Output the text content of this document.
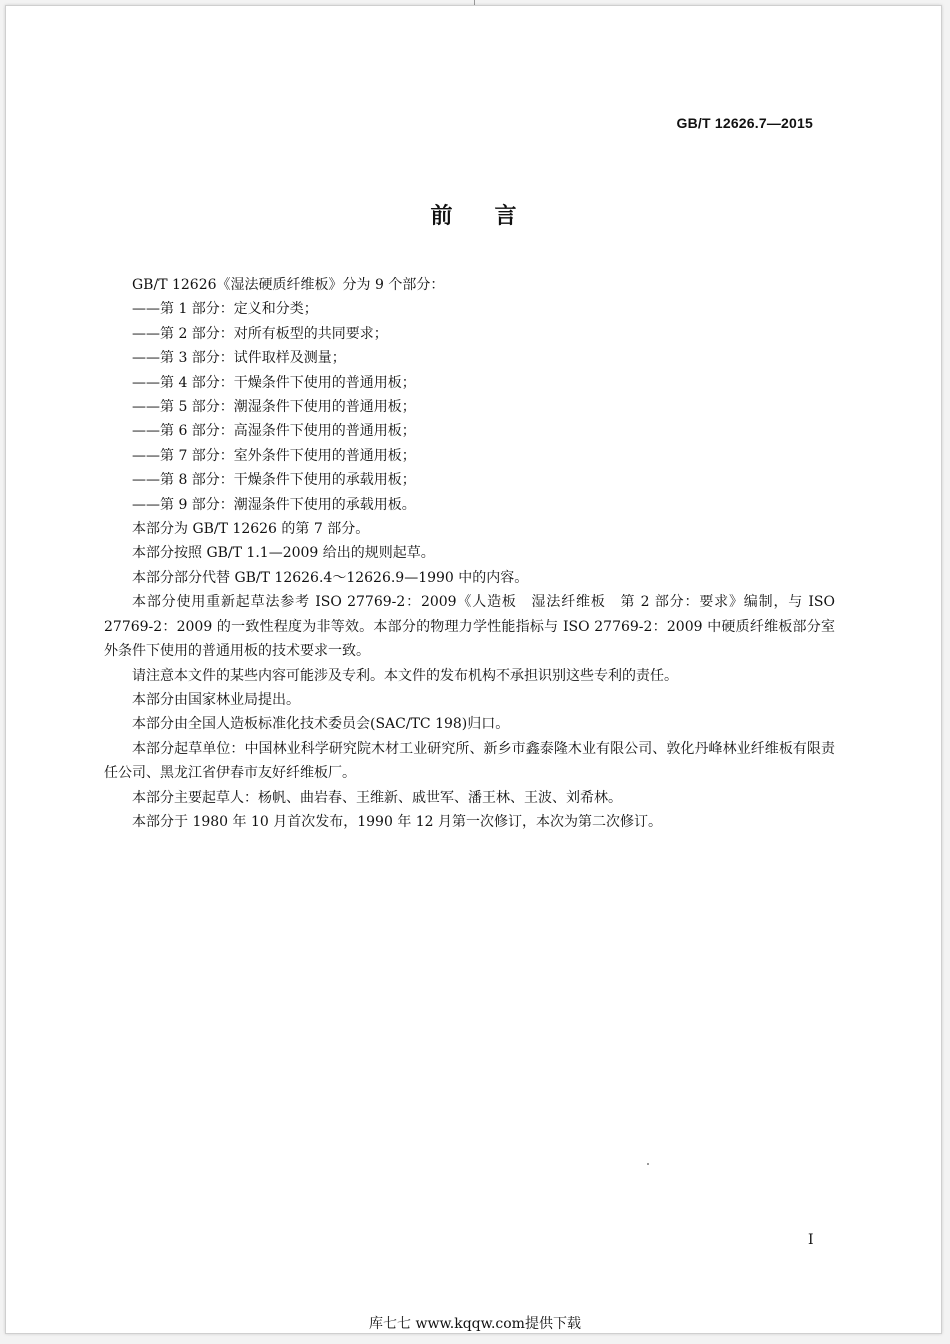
GB/T 12626.7—2015
前言

GB/T 12626《湿法硬质纤维板》分为 9 个部分：

——第 1 部分：定义和分类；

——第 2 部分：对所有板型的共同要求；

——第 3 部分：试件取样及测量；

——第 4 部分：干燥条件下使用的普通用板；

——第 5 部分：潮湿条件下使用的普通用板；

——第 6 部分：高湿条件下使用的普通用板；

——第 7 部分：室外条件下使用的普通用板；

——第 8 部分：干燥条件下使用的承载用板；

——第 9 部分：潮湿条件下使用的承载用板。

本部分为 GB/T 12626 的第 7 部分。

本部分按照 GB/T 1.1—2009 给出的规则起草。

本部分部分代替 GB/T 12626.4～12626.9—1990 中的内容。

本部分使用重新起草法参考 ISO 27769-2：2009《人造板　湿法纤维板　第 2 部分：要求》编制，与 ISO 27769-2：2009 的一致性程度为非等效。本部分的物理力学性能指标与 ISO 27769-2：2009 中硬质纤维板部分室外条件下使用的普通用板的技术要求一致。

请注意本文件的某些内容可能涉及专利。本文件的发布机构不承担识别这些专利的责任。

本部分由国家林业局提出。

本部分由全国人造板标准化技术委员会(SAC/TC 198)归口。

本部分起草单位：中国林业科学研究院木材工业研究所、新乡市鑫泰隆木业有限公司、敦化丹峰林业纤维板有限责任公司、黑龙江省伊春市友好纤维板厂。

本部分主要起草人：杨帆、曲岩春、王维新、戚世军、潘王林、王波、刘希林。

本部分于 1980 年 10 月首次发布，1990 年 12 月第一次修订，本次为第二次修订。

I
库七七 www.kqqw.com提供下载
